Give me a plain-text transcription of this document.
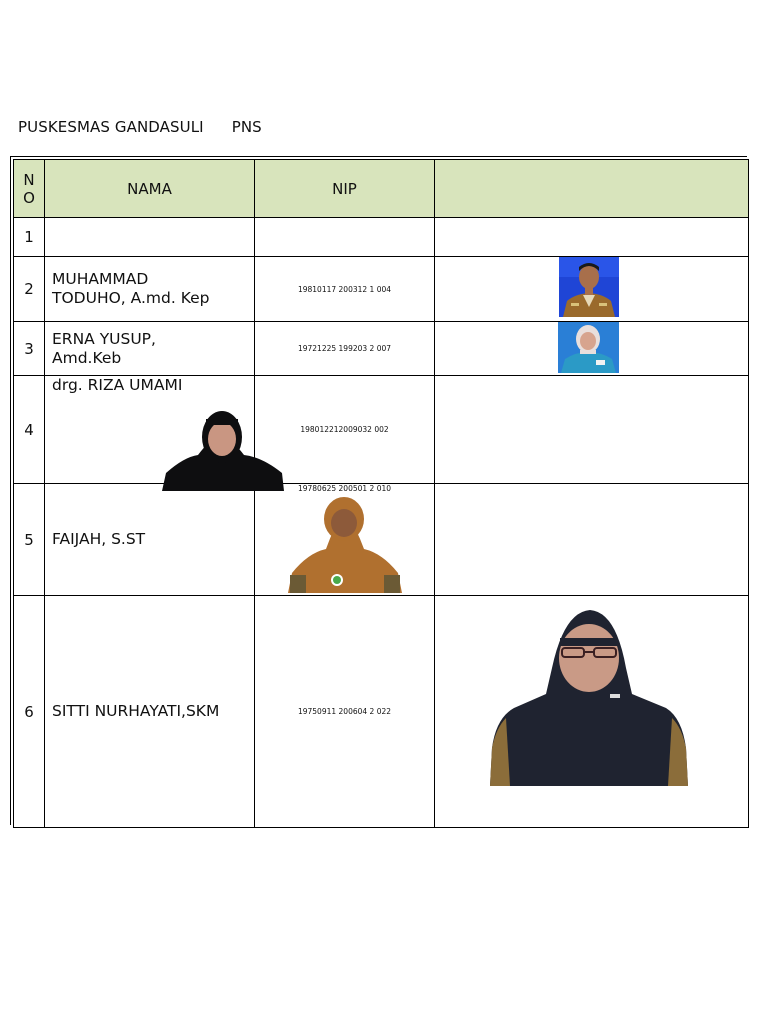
PUSKESMAS GANDASULI PNS
N
O	NAMA	NIP	
1			
2	MUHAMMAD
TODUHO, A.md. Kep	19810117 200312 1 004	

3	ERNA YUSUP,
Amd.Keb	19721225 199203 2 007	

4	drg. RIZA UMAMI	198012212009032 002	
5	FAIJAH, S.ST	19780625 200501 2 010	

6	SITTI NURHAYATI,SKM	19750911 200604 2 022	
